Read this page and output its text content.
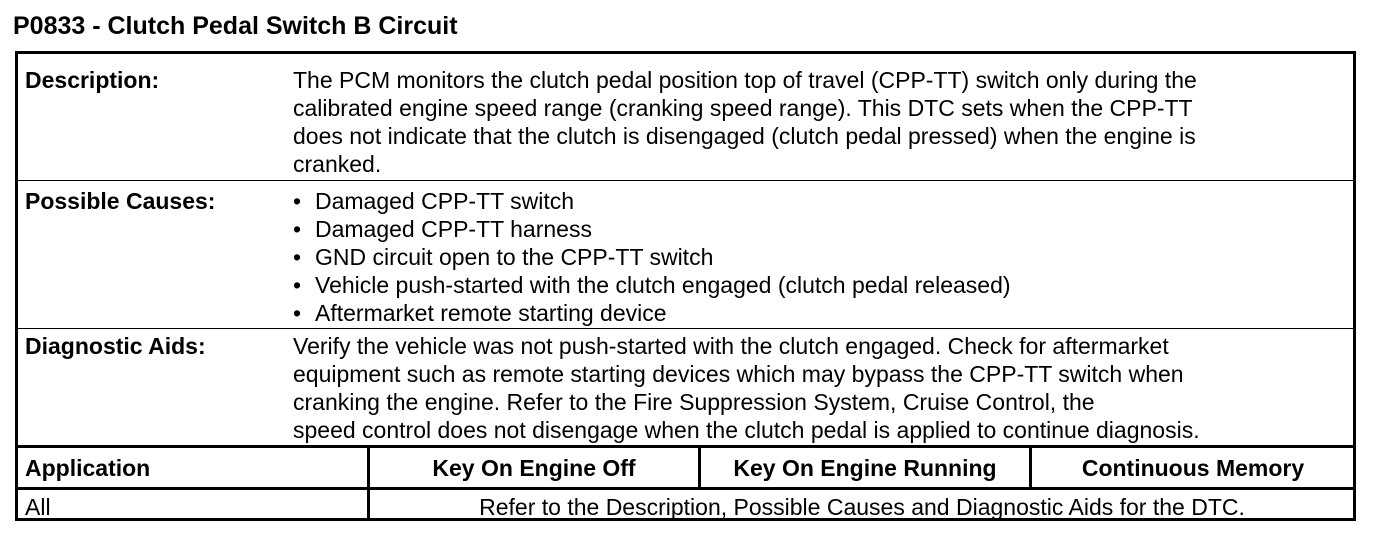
P0833 - Clutch Pedal Switch B Circuit
Description:	The PCM monitors the clutch pedal position top of travel (CPP-TT) switch only during the
calibrated engine speed range (cranking speed range). This DTC sets when the CPP-TT
does not indicate that the clutch is disengaged (clutch pedal pressed) when the engine is
cranked.
Possible Causes:	• Damaged CPP-TT switch
• Damaged CPP-TT harness
• GND circuit open to the CPP-TT switch
• Vehicle push-started with the clutch engaged (clutch pedal released)
• Aftermarket remote starting device
Diagnostic Aids:	Verify the vehicle was not push-started with the clutch engaged. Check for aftermarket
equipment such as remote starting devices which may bypass the CPP-TT switch when
cranking the engine. Refer to the Fire Suppression System, Cruise Control, the
speed control does not disengage when the clutch pedal is applied to continue diagnosis.
Application	Key On Engine Off	Key On Engine Running	Continuous Memory
All	Refer to the Description, Possible Causes and Diagnostic Aids for the DTC.
